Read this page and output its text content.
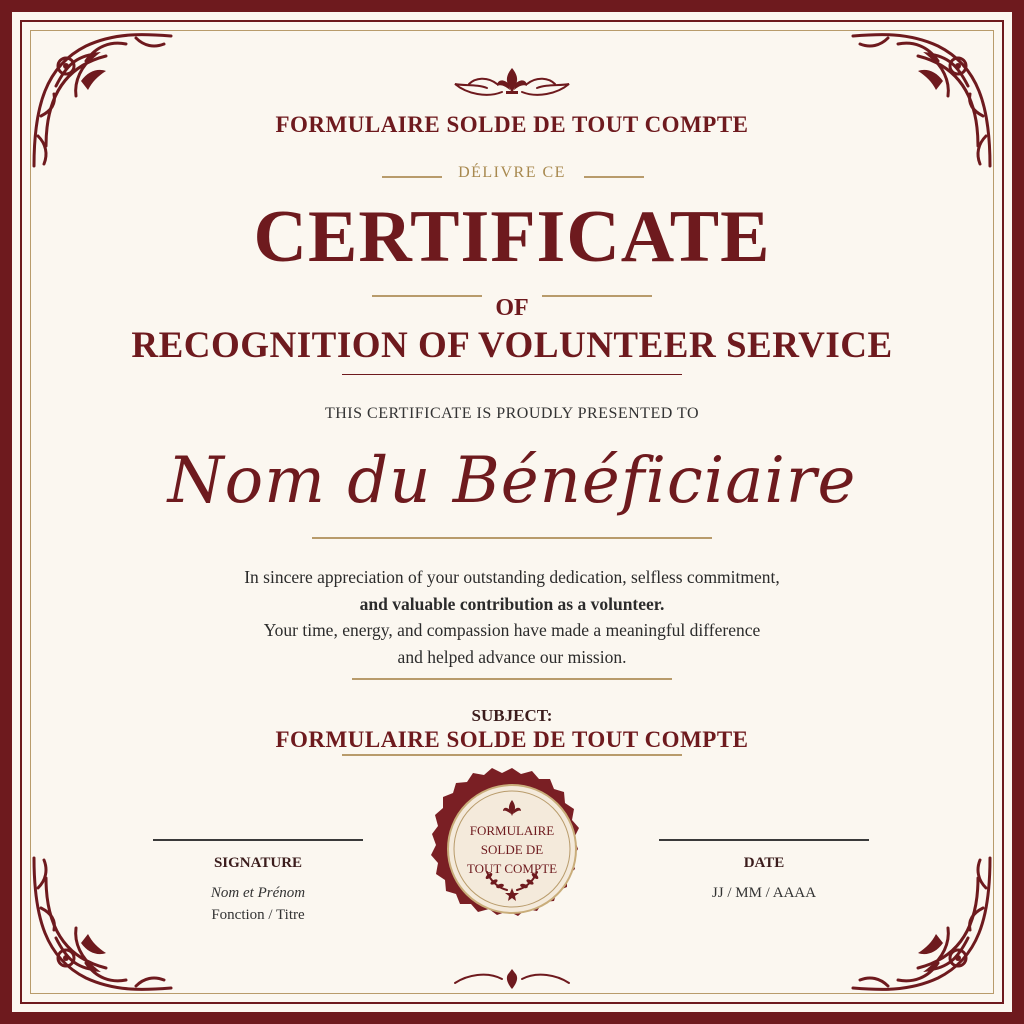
FORMULAIRE SOLDE DE TOUT COMPTE
DÉLIVRE CE
CERTIFICATE
OF
RECOGNITION OF VOLUNTEER SERVICE
THIS CERTIFICATE IS PROUDLY PRESENTED TO
Nom du Bénéficiaire
In sincere appreciation of your outstanding dedication, selfless commitment,
and valuable contribution as a volunteer.
Your time, energy, and compassion have made a meaningful difference
and helped advance our mission.
SUBJECT:
FORMULAIRE SOLDE DE TOUT COMPTE
SIGNATURE
Nom et Prénom
Fonction / Titre
FORMULAIRE
SOLDE DE
TOUT COMPTE	DATE
JJ / MM / AAAA
